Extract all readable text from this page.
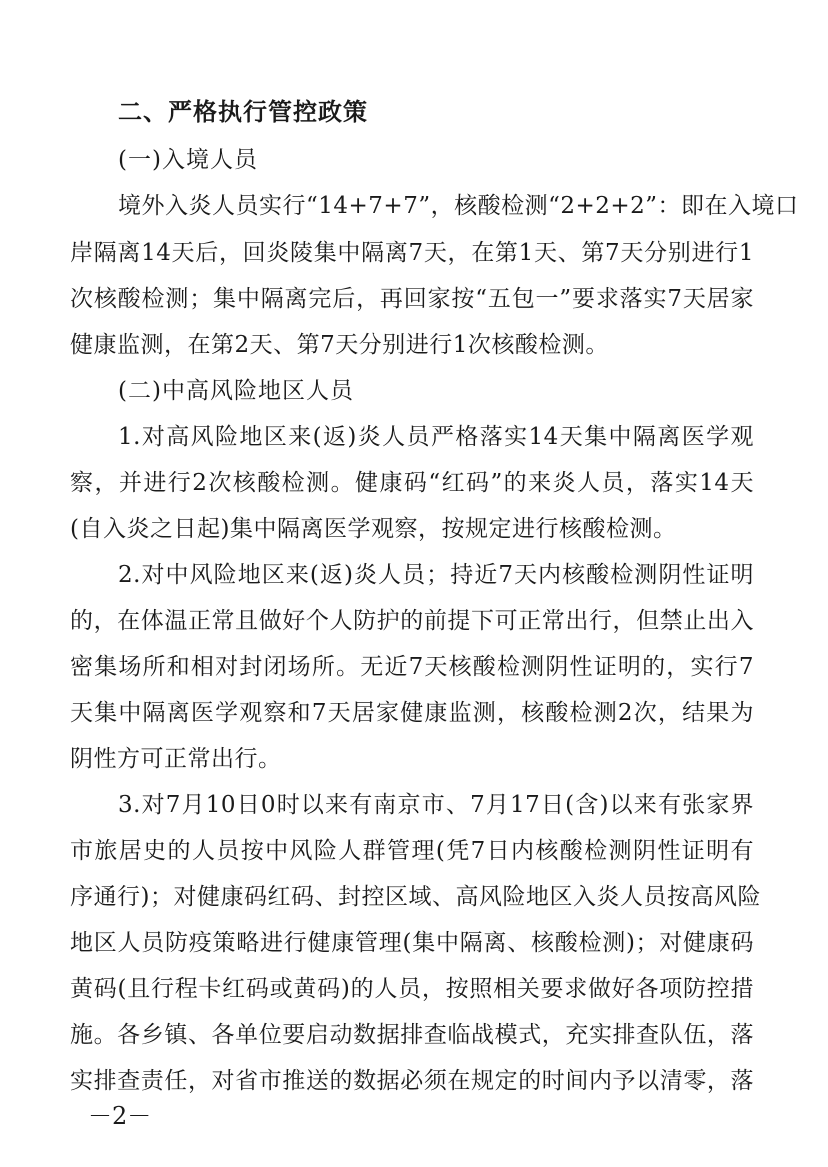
二、严格执行管控政策
(一)入境人员
境外入炎人员实行“14+7+7”，核酸检测“2+2+2”：即在入境口
岸隔离14天后，回炎陵集中隔离7天，在第1天、第7天分别进行1
次核酸检测；集中隔离完后，再回家按“五包一”要求落实7天居家
健康监测，在第2天、第7天分别进行1次核酸检测。
(二)中高风险地区人员
1.对高风险地区来(返)炎人员严格落实14天集中隔离医学观
察，并进行2次核酸检测。健康码“红码”的来炎人员，落实14天
(自入炎之日起)集中隔离医学观察，按规定进行核酸检测。
2.对中风险地区来(返)炎人员；持近7天内核酸检测阴性证明
的，在体温正常且做好个人防护的前提下可正常出行，但禁止出入
密集场所和相对封闭场所。无近7天核酸检测阴性证明的，实行7
天集中隔离医学观察和7天居家健康监测，核酸检测2次，结果为
阴性方可正常出行。
3.对7月10日0时以来有南京市、7月17日(含)以来有张家界
市旅居史的人员按中风险人群管理(凭7日内核酸检测阴性证明有
序通行)；对健康码红码、封控区域、高风险地区入炎人员按高风险
地区人员防疫策略进行健康管理(集中隔离、核酸检测)；对健康码
黄码(且行程卡红码或黄码)的人员，按照相关要求做好各项防控措
施。各乡镇、各单位要启动数据排查临战模式，充实排查队伍，落
实排查责任，对省市推送的数据必须在规定的时间内予以清零，落
－2－
